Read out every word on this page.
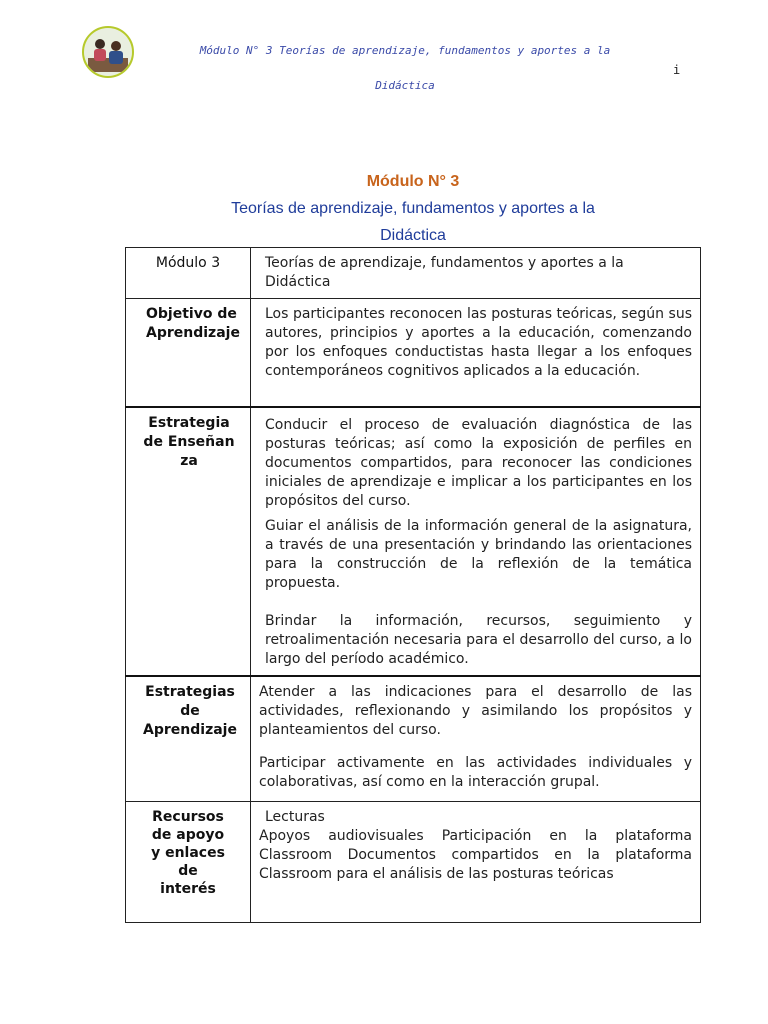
Módulo N° 3 Teorías de aprendizaje, fundamentos y aportes a la
Didáctica
i
Módulo N° 3
Teorías de aprendizaje, fundamentos y aportes a la
Didáctica
Módulo 3	Teorías de aprendizaje, fundamentos y aportes a la Didáctica

Objetivo de Aprendizaje	Los participantes reconocen las posturas teóricas, según sus autores, principios y aportes a la educación, comenzando por los enfoques conductistas hasta llegar a los enfoques contemporáneos cognitivos aplicados a la educación.

Estrategia de Enseñanza	Conducir el proceso de evaluación diagnóstica de las posturas teóricas; así como la exposición de perfiles en documentos compartidos, para reconocer las condiciones iniciales de aprendizaje e implicar a los participantes en los propósitos del curso.
Guiar el análisis de la información general de la asignatura, a través de una presentación y brindando las orientaciones para la construcción de la reflexión de la temática propuesta.
Brindar la información, recursos, seguimiento y retroalimentación necesaria para el desarrollo del curso, a lo largo del período académico.

Estrategias de Aprendizaje	Atender a las indicaciones para el desarrollo de las actividades, reflexionando y asimilando los propósitos y planteamientos del curso.
Participar activamente en las actividades individuales y colaborativas, así como en la interacción grupal.

Recursos de apoyo y enlaces de interés	Lecturas
Apoyos audiovisuales Participación en la plataforma Classroom Documentos compartidos en la plataforma Classroom para el análisis de las posturas teóricas
